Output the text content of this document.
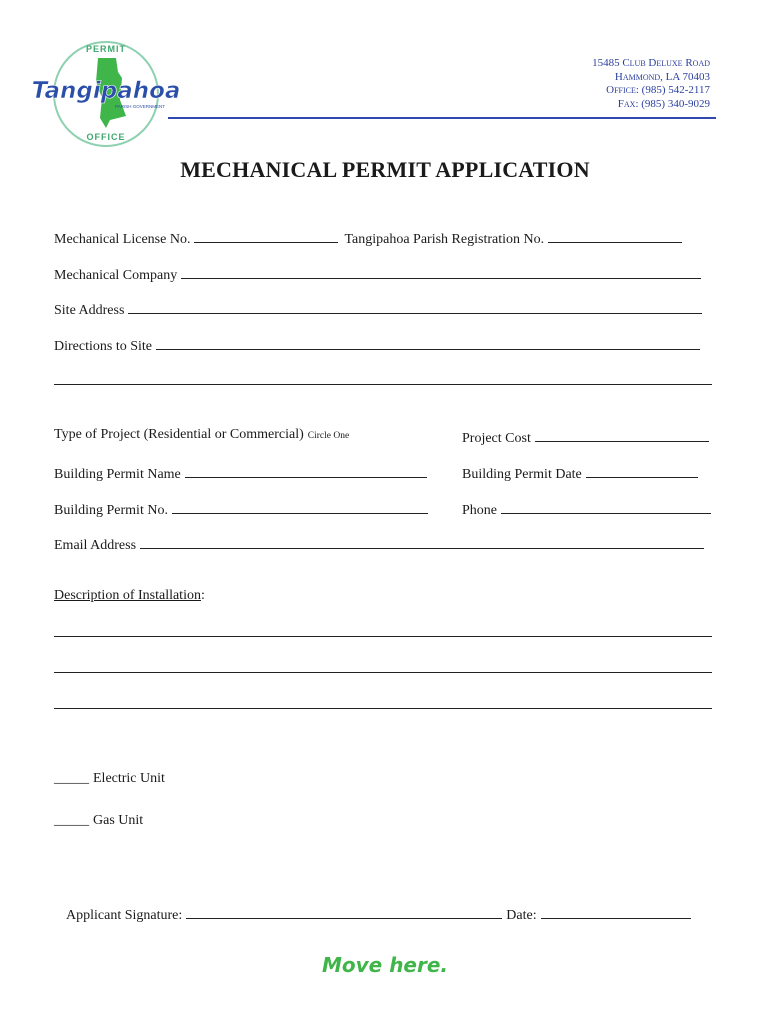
PERMIT
Tangipahoa
PARISH GOVERNMENT
OFFICE
15485 Club Deluxe Road
Hammond, LA 70403
Office: (985) 542-2117
Fax: (985) 340-9029
MECHANICAL PERMIT APPLICATION
Mechanical License No.	Tangipahoa Parish Registration No.
Mechanical Company
Site Address
Directions to Site
Type of Project (Residential or Commercial) Circle One	Project Cost
Building Permit Name	Building Permit Date
Building Permit No.	Phone
Email Address
Description of Installation :
_____ Electric Unit
_____ Gas Unit
Applicant Signature:	Date:
Move here.
